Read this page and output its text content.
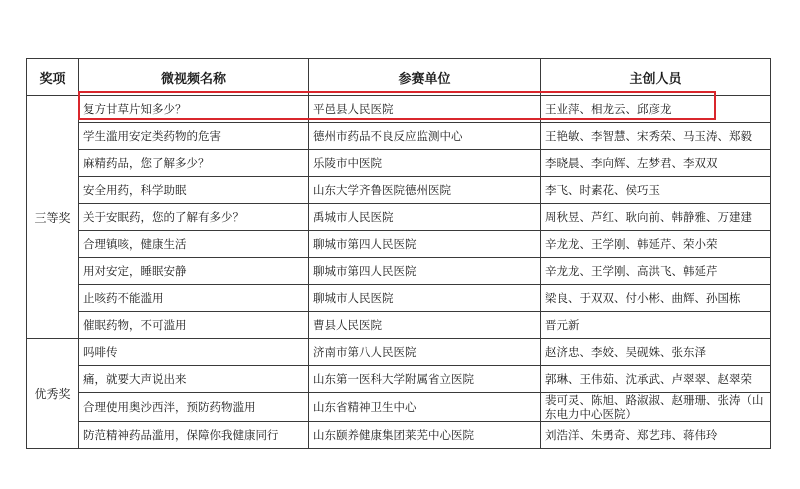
奖项	微视频名称	参赛单位	主创人员
三等奖	复方甘草片知多少？	平邑县人民医院	王业萍、相龙云、邱彦龙
	学生滥用安定类药物的危害	德州市药品不良反应监测中心	王艳敏、李智慧、宋秀荣、马玉涛、郑毅
	麻精药品，您了解多少？	乐陵市中医院	李晓晨、李向辉、左梦君、李双双
	安全用药，科学助眠	山东大学齐鲁医院德州医院	李飞、时素花、侯巧玉
	关于安眠药，您的了解有多少？	禹城市人民医院	周秋昱、芦红、耿向前、韩静雅、万建建
	合理镇咳，健康生活	聊城市第四人民医院	辛龙龙、王学刚、韩延芹、荣小荣
	用对安定，睡眠安静	聊城市第四人民医院	辛龙龙、王学刚、高洪飞、韩延芹
	止咳药不能滥用	聊城市人民医院	梁良、于双双、付小彬、曲辉、孙国栋
	催眠药物，不可滥用	曹县人民医院	晋元新
优秀奖	吗啡传	济南市第八人民医院	赵济忠、李姣、吴砚姝、张东泽
	痛，就要大声说出来	山东第一医科大学附属省立医院	郭琳、王伟茹、沈承武、卢翠翠、赵翠荣
	合理使用奥沙西泮，预防药物滥用	山东省精神卫生中心	裴可灵、陈旭、路淑淑、赵珊珊、张涛（山东电力中心医院）
	防范精神药品滥用，保障你我健康同行	山东颐养健康集团莱芜中心医院	刘浩洋、朱勇奇、郑艺玮、蒋伟玲
